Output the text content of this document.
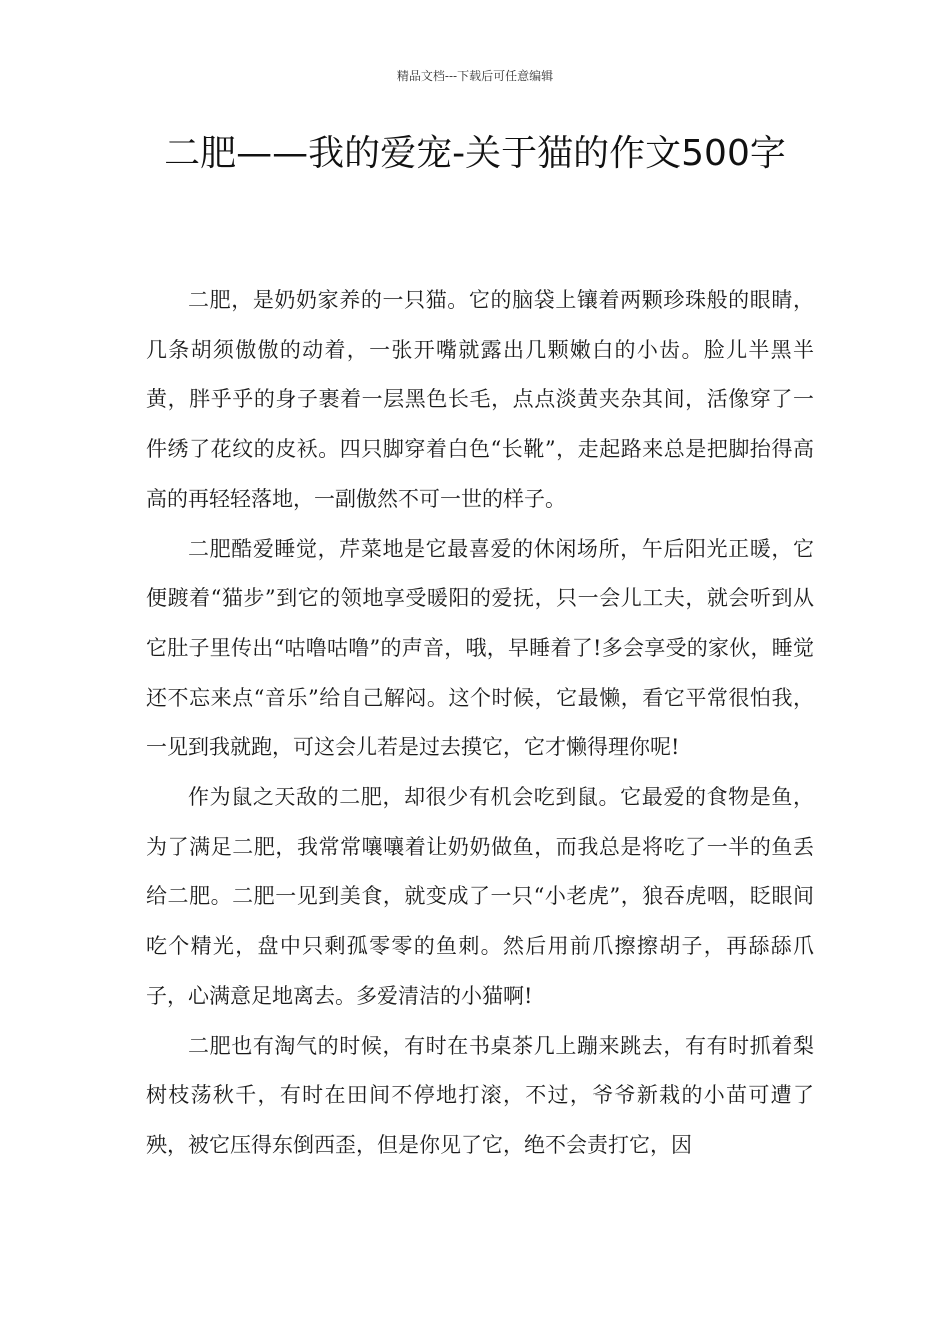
精品文档---下载后可任意编辑
二肥——我的爱宠-关于猫的作文500字

二肥，是奶奶家养的一只猫。它的脑袋上镶着两颗珍珠般的眼睛，几条胡须傲傲的动着，一张开嘴就露出几颗嫩白的小齿。脸儿半黑半黄，胖乎乎的身子裹着一层黑色长毛，点点淡黄夹杂其间，活像穿了一件绣了花纹的皮袄。四只脚穿着白色“长靴”，走起路来总是把脚抬得高高的再轻轻落地，一副傲然不可一世的样子。

二肥酷爱睡觉，芹菜地是它最喜爱的休闲场所，午后阳光正暖，它便踱着“猫步”到它的领地享受暖阳的爱抚，只一会儿工夫，就会听到从它肚子里传出“咕噜咕噜”的声音，哦，早睡着了!多会享受的家伙，睡觉还不忘来点“音乐”给自己解闷。这个时候，它最懒，看它平常很怕我，一见到我就跑，可这会儿若是过去摸它，它才懒得理你呢!

作为鼠之天敌的二肥，却很少有机会吃到鼠。它最爱的食物是鱼，为了满足二肥，我常常嚷嚷着让奶奶做鱼，而我总是将吃了一半的鱼丢给二肥。二肥一见到美食，就变成了一只“小老虎”，狼吞虎咽，眨眼间吃个精光，盘中只剩孤零零的鱼刺。然后用前爪擦擦胡子，再舔舔爪子，心满意足地离去。多爱清洁的小猫啊!

二肥也有淘气的时候，有时在书桌茶几上蹦来跳去，有有时抓着梨树枝荡秋千，有时在田间不停地打滚，不过，爷爷新栽的小苗可遭了殃，被它压得东倒西歪，但是你见了它，绝不会责打它，因
